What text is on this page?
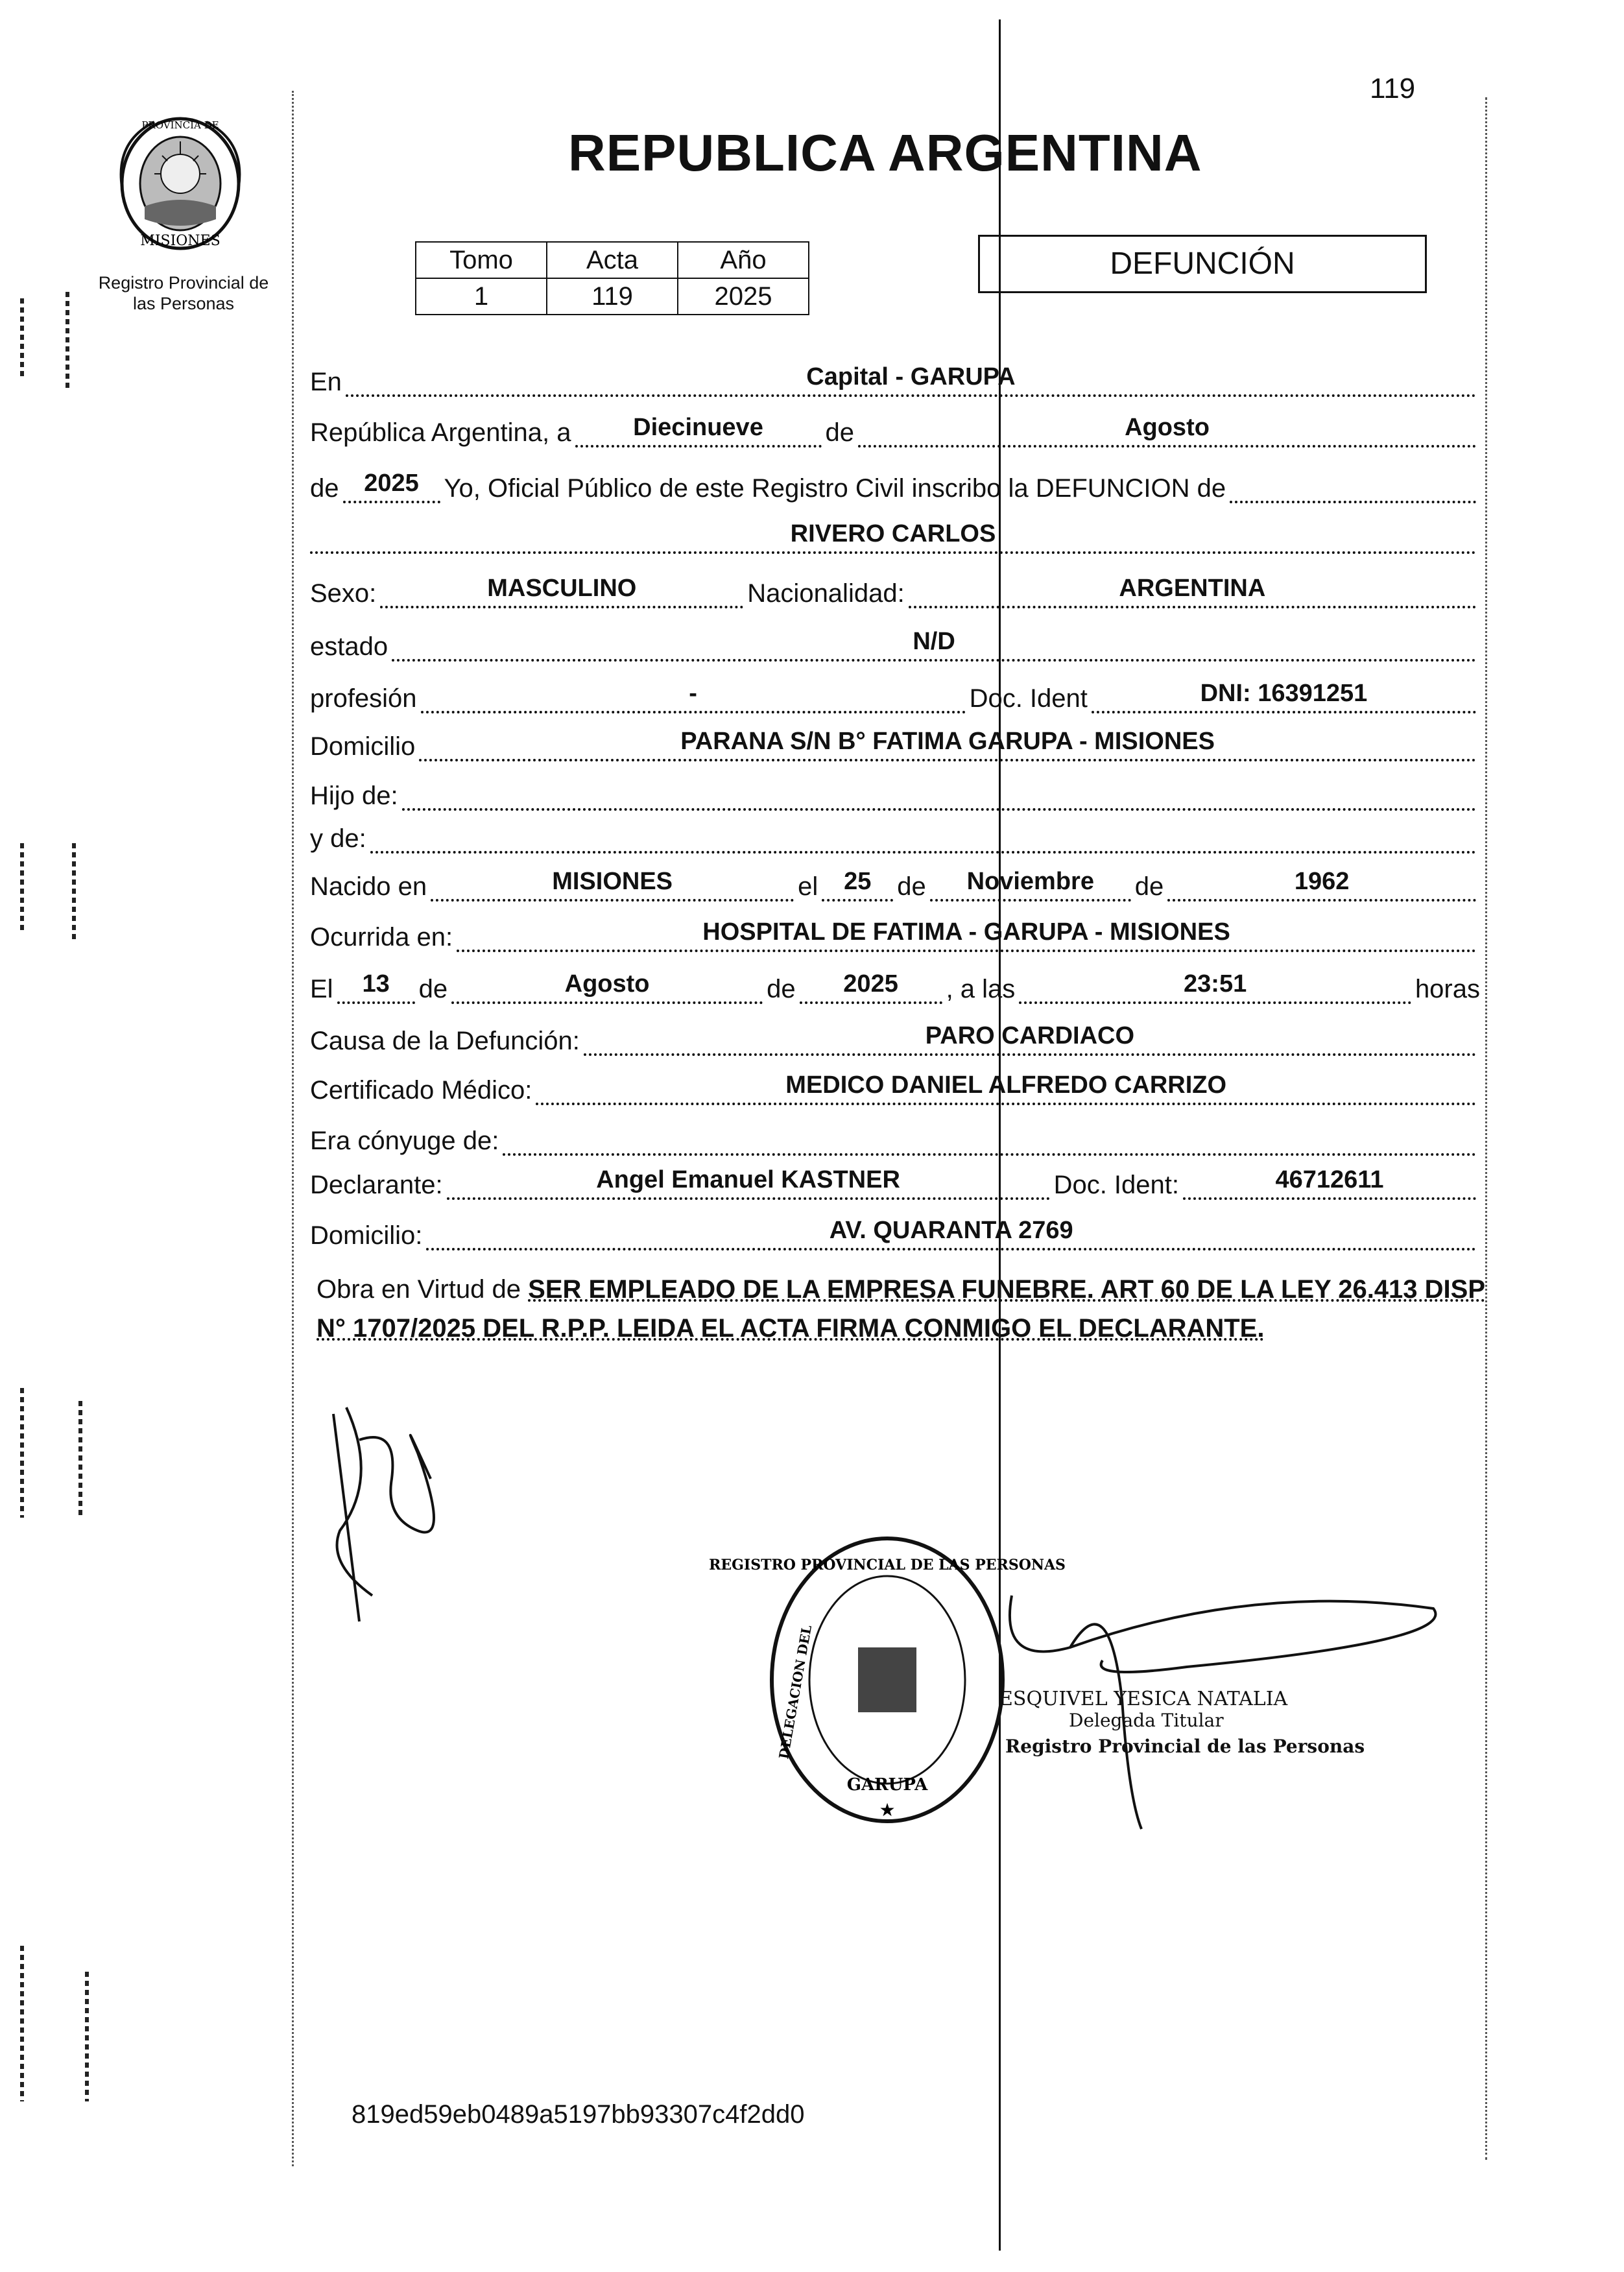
119
PROVINCIA DE
MISIONES
Registro Provincial de
las Personas
REPUBLICA ARGENTINA
Tomo	Acta	Año
1	119	2025
DEFUNCIÓN
En	Capital - GARUPA
República Argentina, a	Diecinueve	de	Agosto
de	2025 Yo, Oficial Público de este Registro Civil inscribo la DEFUNCION de
RIVERO CARLOS
Sexo:	MASCULINO	Nacionalidad:	ARGENTINA
estado	N/D
profesión	-	Doc. Ident	DNI: 16391251
Domicilio	PARANA S/N B° FATIMA GARUPA - MISIONES
Hijo de:
y de:
Nacido en	MISIONES	el	25 de	Noviembre	de	1962
Ocurrida en:	HOSPITAL DE FATIMA - GARUPA - MISIONES
El	13	de	Agosto	de	2025	, a las	23:51	horas
Causa de la Defunción:	PARO CARDIACO
Certificado Médico:	MEDICO DANIEL ALFREDO CARRIZO
Era cónyuge de:
Declarante:	Angel Emanuel KASTNER	Doc. Ident:	46712611
Domicilio:	AV. QUARANTA 2769
Obra en Virtud de SER EMPLEADO DE LA EMPRESA FUNEBRE. ART 60 DE LA LEY 26.413 DISP N° 1707/2025 DEL R.P.P. LEIDA EL ACTA FIRMA CONMIGO EL DECLARANTE.
REGISTRO PROVINCIAL DE LAS PERSONAS
DELEGACION DEL
GARUPA
★
ESQUIVEL YESICA NATALIA
Delegada Titular
Registro Provincial de las Personas
819ed59eb0489a5197bb93307c4f2dd0
